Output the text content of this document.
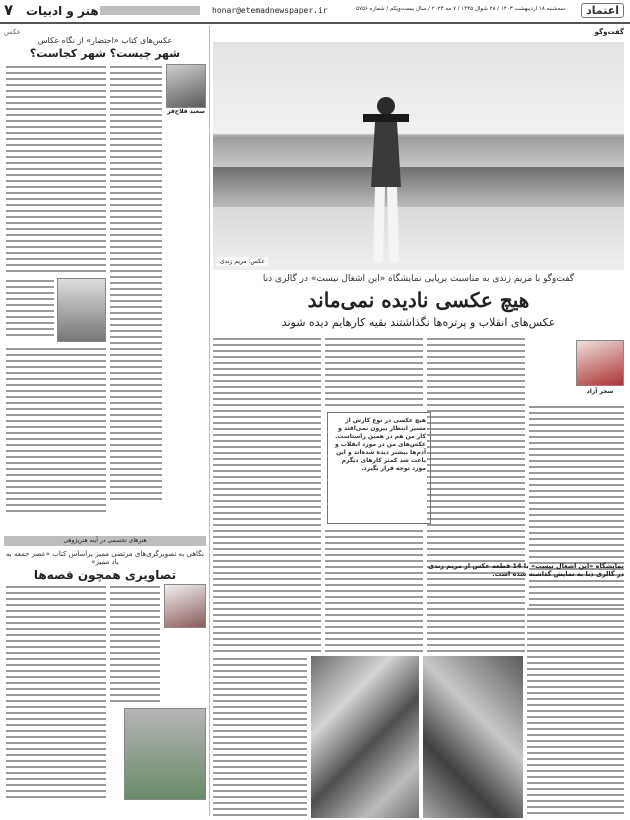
۷ هنر و ادبیات	honar@etemadnewspaper.ir	سه‌شنبه ۱۸ اردیبهشت ۱۴۰۳ / ۲۸ شوال ۱۴۴۵ / ۷ مه ۲۰۲۴ / سال بیست‌ویکم / شماره ۵۷۵۶	اعتماد
عکس	گفت‌وگو
عکس‌های کتاب «احتضار» از نگاه عکاس
شهر چیست؟ شهر کجاست؟
سعید فلاح‌فر
هنرهای تجسمی در آینه هنرپژوهی
نگاهی به تصویرگری‌های مرتضی ممیز براساس کتاب «عصر جمعه به یاد ممیز»
تصاویری همچون قصه‌ها
عکس: مریم زندی
گفت‌وگو با مریم زندی به مناسبت برپایی نمایشگاه «این اشغال نیست» در گالری دنا
هیچ عکسی نادیده نمی‌ماند
عکس‌های انقلاب و پرتره‌ها نگذاشتند بقیه کارهایم دیده شوند
سحر آزاد
هیچ عکسی در نوع کارش از مسیر انتظار بیرون نمی‌افتد و کار من هم در همین راستاست. عکس‌های من در مورد انقلاب و آدم‌ها بیشتر دیده شده‌اند و این باعث شد کمتر کارهای دیگرم مورد توجه قرار بگیرد.
نمایشگاه «این اشغال نیست» با 14 قطعه عکس از مریم زندی در گالری دنا به نمایش گذاشته شده است.
